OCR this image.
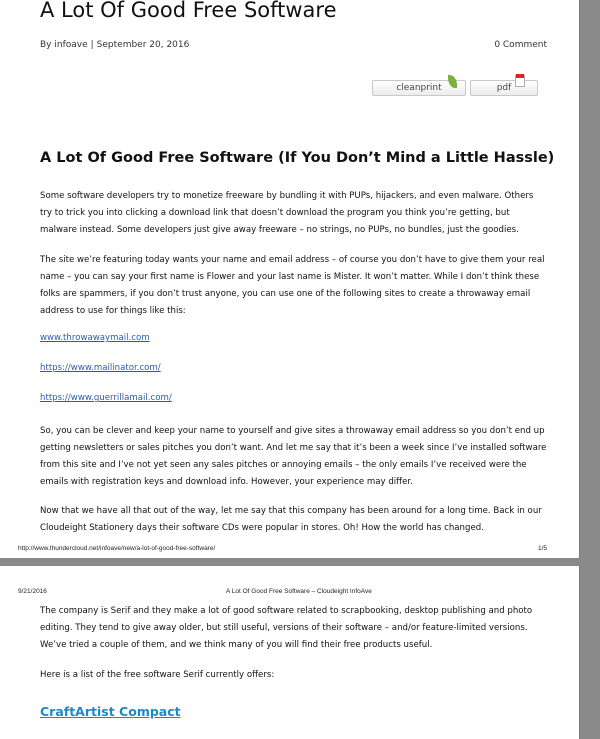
A Lot Of Good Free Software
By infoave | September 20, 2016	0 Comment
cleanprint	pdf
A Lot Of Good Free Software (If You Don’t Mind a Little Hassle)

Some software developers try to monetize freeware by bundling it with PUPs, hijackers, and even malware. Others try to trick you into clicking a download link that doesn’t download the program you think you’re getting, but malware instead. Some developers just give away freeware – no strings, no PUPs, no bundles, just the goodies.

The site we’re featuring today wants your name and email address – of course you don’t have to give them your real name – you can say your first name is Flower and your last name is Mister. It won’t matter. While I don’t think these folks are spammers, if you don’t trust anyone, you can use one of the following sites to create a throwaway email address to use for things like this:

www.throwawaymail.com
https://www.mailinator.com/
https://www.guerrillamail.com/

So, you can be clever and keep your name to yourself and give sites a throwaway email address so you don’t end up getting newsletters or sales pitches you don’t want. And let me say that it’s been a week since I’ve installed software from this site and I’ve not yet seen any sales pitches or annoying emails – the only emails I’ve received were the emails with registration keys and download info. However, your experience may differ.

Now that we have all that out of the way, let me say that this company has been around for a long time. Back in our Cloudeight Stationery days their software CDs were popular in stores. Oh! How the world has changed.

http://www.thundercloud.net/infoave/new/a-lot-of-good-free-software/	1/5
9/21/2016	A Lot Of Good Free Software – Cloudeight InfoAve

The company is Serif and they make a lot of good software related to scrapbooking, desktop publishing and photo editing. They tend to give away older, but still useful, versions of their software – and/or feature-limited versions. We’ve tried a couple of them, and we think many of you will find their free products useful.

Here is a list of the free software Serif currently offers:

CraftArtist Compact
